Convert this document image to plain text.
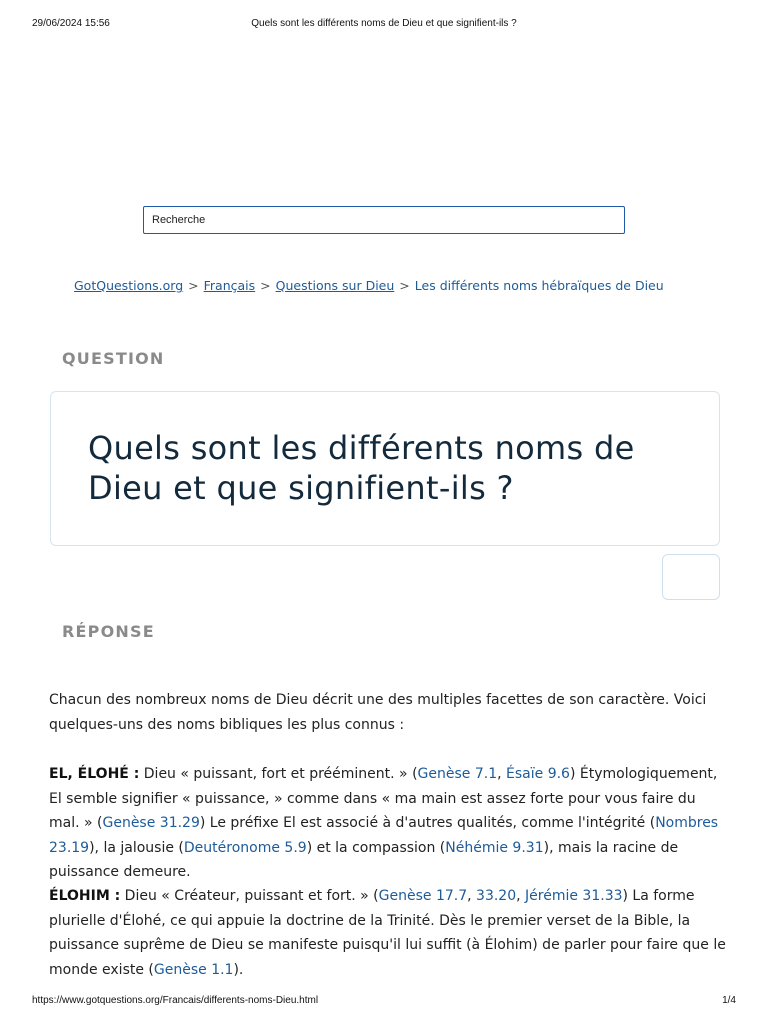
29/06/2024 15:56	Quels sont les différents noms de Dieu et que signifient-ils ?
Recherche
GotQuestions.org > Français > Questions sur Dieu > Les différents noms hébraïques de Dieu
QUESTION
Quels sont les différents noms de Dieu et que signifient-ils ?
RÉPONSE

Chacun des nombreux noms de Dieu décrit une des multiples facettes de son caractère. Voici quelques-uns des noms bibliques les plus connus :

EL, ÉLOHÉ : Dieu « puissant, fort et prééminent. » (Genèse 7.1, Ésaïe 9.6) Étymologiquement, El semble signifier « puissance, » comme dans « ma main est assez forte pour vous faire du mal. » (Genèse 31.29) Le préfixe El est associé à d'autres qualités, comme l'intégrité (Nombres 23.19), la jalousie (Deutéronome 5.9) et la compassion (Néhémie 9.31), mais la racine de puissance demeure.

ÉLOHIM : Dieu « Créateur, puissant et fort. » (Genèse 17.7, 33.20, Jérémie 31.33) La forme plurielle d'Élohé, ce qui appuie la doctrine de la Trinité. Dès le premier verset de la Bible, la puissance suprême de Dieu se manifeste puisqu'il lui suffit (à Élohim) de parler pour faire que le monde existe (Genèse 1.1).

https://www.gotquestions.org/Francais/differents-noms-Dieu.html	1/4
